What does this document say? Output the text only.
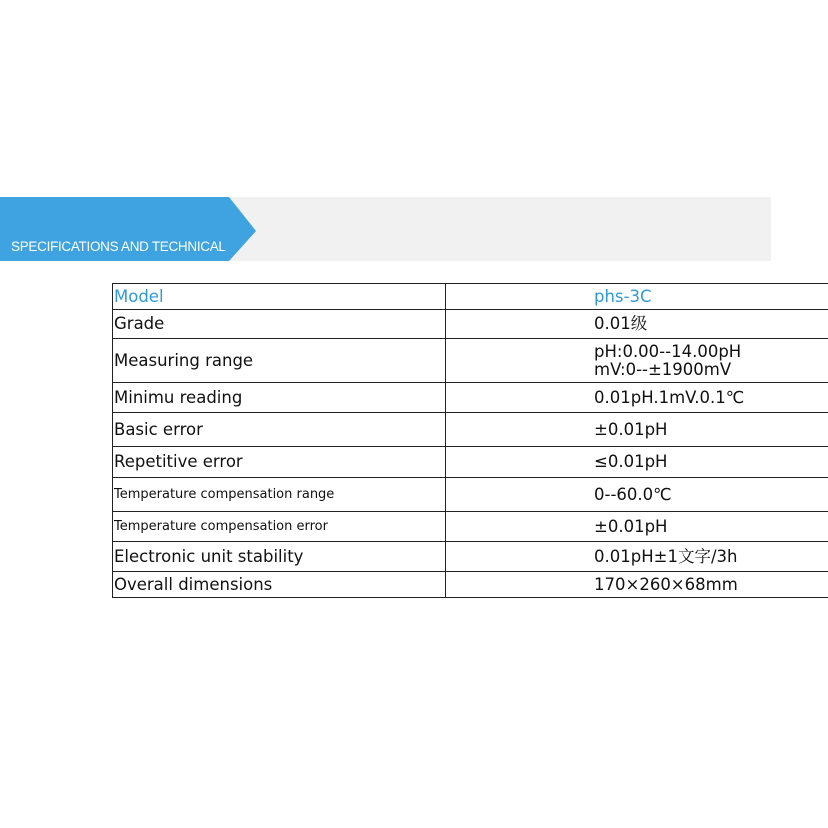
SPECIFICATIONS AND TECHNICAL
Model	phs-3C
Grade	0.01级
Measuring range	pH:0.00--14.00pH
mV:0--±1900mV

Minimu reading	0.01pH.1mV.0.1℃
Basic error	±0.01pH
Repetitive error	≤0.01pH
Temperature compensation range	0--60.0℃
Temperature compensation error	±0.01pH
Electronic unit stability	0.01pH±1文字/3h
Overall dimensions	170×260×68mm
